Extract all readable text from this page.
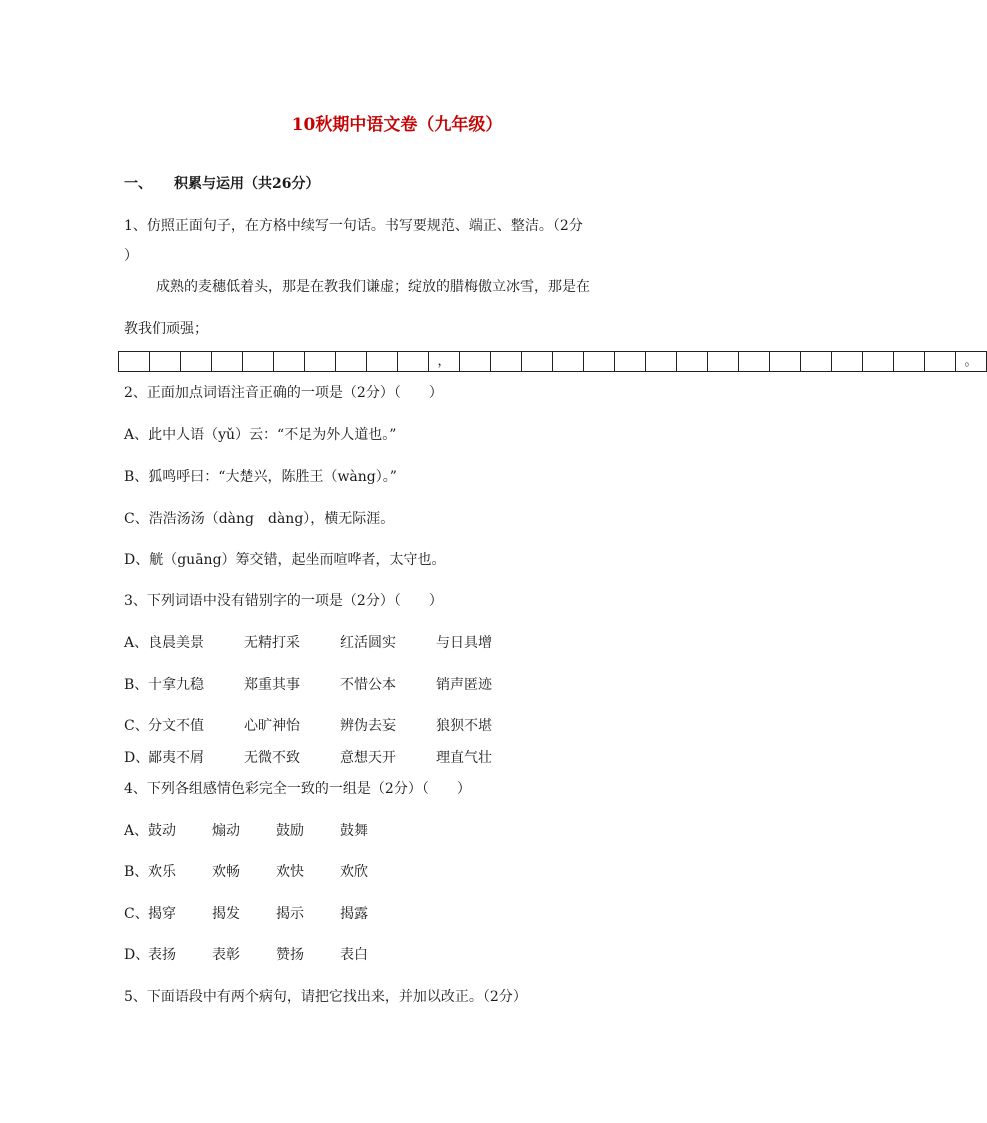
10秋期中语文卷（九年级）
一、 积累与运用（共26分）
1、仿照正面句子，在方格中续写一句话。书写要规范、端正、整洁。（2分
）
成熟的麦穗低着头，那是在教我们谦虚；绽放的腊梅傲立冰雪，那是在
教我们顽强；
，	。
2、正面加点词语注音正确的一项是（2分）（　　）
A、此中人语（yǔ）云：“不足为外人道也。”
B、狐鸣呼曰：“大楚兴，陈胜王（wàng）。”
C、浩浩汤汤（dàng　dàng），横无际涯。
D、觥（guāng）筹交错，起坐而喧哗者，太守也。
3、下列词语中没有错别字的一项是（2分）（　　）
A、良晨美景	无精打采	红活圆实	与日具增
B、十拿九稳	郑重其事	不惜公本	销声匿迹
C、分文不值	心旷神怡	辨伪去妄	狼狈不堪
D、鄙夷不屑	无微不致	意想天开	理直气壮
4、下列各组感情色彩完全一致的一组是（2分）（　　）
A、鼓动	煽动	鼓励	鼓舞
B、欢乐	欢畅	欢快	欢欣
C、揭穿	揭发	揭示	揭露
D、表扬	表彰	赞扬	表白
5、下面语段中有两个病句，请把它找出来，并加以改正。（2分）
